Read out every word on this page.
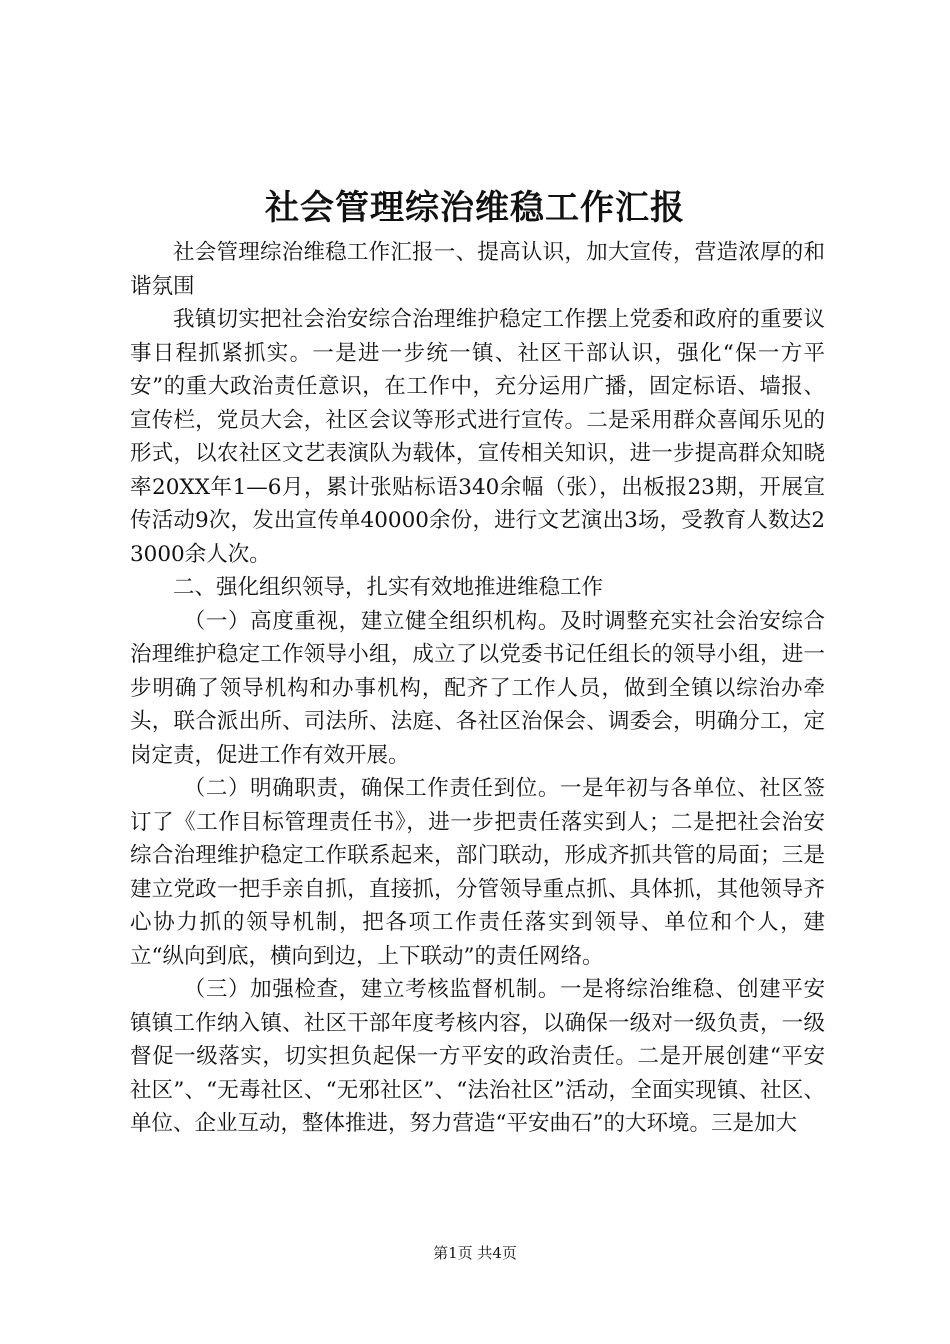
社会管理综治维稳工作汇报

社会管理综治维稳工作汇报一、提高认识，加大宣传，营造浓厚的和谐氛围

我镇切实把社会治安综合治理维护稳定工作摆上党委和政府的重要议事日程抓紧抓实。一是进一步统一镇、社区干部认识，强化“保一方平安”的重大政治责任意识，在工作中，充分运用广播，固定标语、墙报、宣传栏，党员大会，社区会议等形式进行宣传。二是采用群众喜闻乐见的形式，以农社区文艺表演队为载体，宣传相关知识，进一步提高群众知晓率20XX年1—6月，累计张贴标语340余幅（张），出板报23期，开展宣传活动9次，发出宣传单40000余份，进行文艺演出3场，受教育人数达23000余人次。

二、强化组织领导，扎实有效地推进维稳工作

（一）高度重视，建立健全组织机构。及时调整充实社会治安综合治理维护稳定工作领导小组，成立了以党委书记任组长的领导小组，进一步明确了领导机构和办事机构，配齐了工作人员，做到全镇以综治办牵头，联合派出所、司法所、法庭、各社区治保会、调委会，明确分工，定岗定责，促进工作有效开展。

（二）明确职责，确保工作责任到位。一是年初与各单位、社区签订了《工作目标管理责任书》，进一步把责任落实到人；二是把社会治安综合治理维护稳定工作联系起来，部门联动，形成齐抓共管的局面；三是建立党政一把手亲自抓，直接抓，分管领导重点抓、具体抓，其他领导齐心协力抓的领导机制，把各项工作责任落实到领导、单位和个人，建立“纵向到底，横向到边，上下联动”的责任网络。

（三）加强检查，建立考核监督机制。一是将综治维稳、创建平安镇镇工作纳入镇、社区干部年度考核内容，以确保一级对一级负责，一级督促一级落实，切实担负起保一方平安的政治责任。二是开展创建“平安社区”、“无毒社区、“无邪社区”、“法治社区”活动，全面实现镇、社区、单位、企业互动，整体推进，努力营造“平安曲石”的大环境。三是加大

第1页 共4页
